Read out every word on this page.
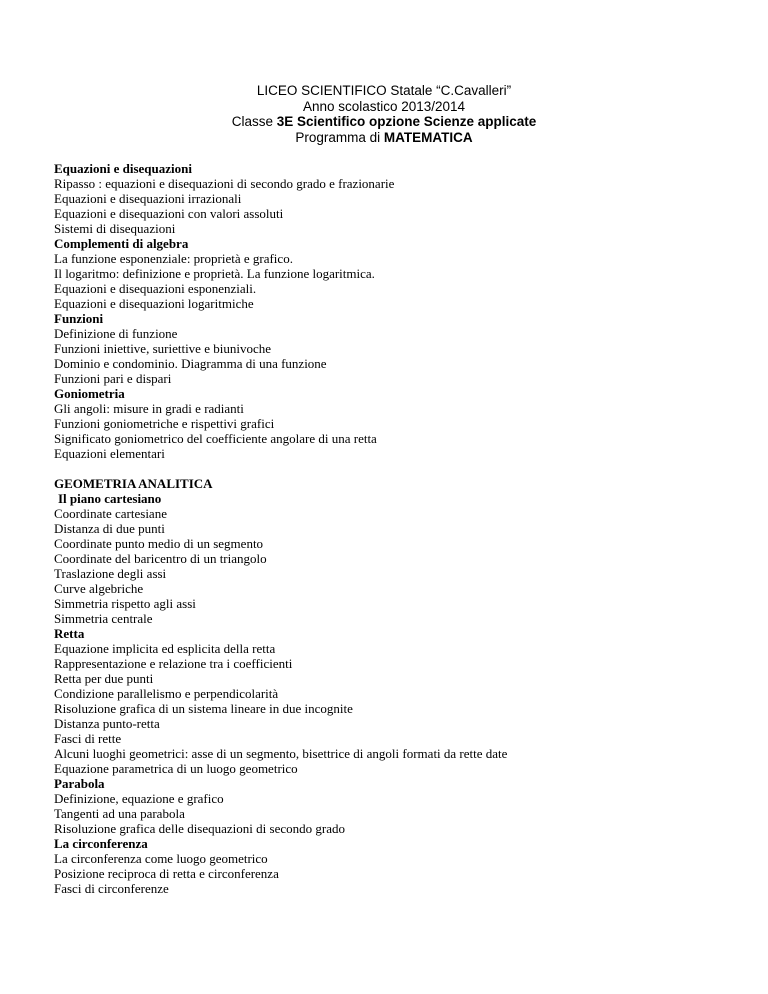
LICEO SCIENTIFICO Statale “C.Cavalleri”
Anno scolastico 2013/2014
Classe 3E Scientifico opzione Scienze applicate
Programma di MATEMATICA
Equazioni e disequazioni
Ripasso : equazioni e disequazioni di secondo grado e frazionarie
Equazioni e disequazioni irrazionali
Equazioni e disequazioni con valori assoluti
Sistemi di disequazioni
Complementi di algebra
La funzione esponenziale: proprietà e grafico.
Il logaritmo: definizione e proprietà. La funzione logaritmica.
Equazioni e disequazioni esponenziali.
Equazioni e disequazioni logaritmiche
Funzioni
Definizione di funzione
Funzioni iniettive, suriettive e biunivoche
Dominio e condominio. Diagramma di una funzione
Funzioni pari e dispari
Goniometria
Gli angoli: misure in gradi e radianti
Funzioni goniometriche e rispettivi grafici
Significato goniometrico del coefficiente angolare di una retta
Equazioni elementari
GEOMETRIA ANALITICA
Il piano cartesiano
Coordinate cartesiane
Distanza di due punti
Coordinate punto medio di un segmento
Coordinate del baricentro di un triangolo
Traslazione degli assi
Curve algebriche
Simmetria rispetto agli assi
Simmetria centrale
Retta
Equazione implicita ed esplicita della retta
Rappresentazione e relazione tra i coefficienti
Retta per due punti
Condizione parallelismo e perpendicolarità
Risoluzione grafica di un sistema lineare in due incognite
Distanza punto-retta
Fasci di rette
Alcuni luoghi geometrici: asse di un segmento, bisettrice di angoli formati da rette date
Equazione parametrica di un luogo geometrico
Parabola
Definizione, equazione e grafico
Tangenti ad una parabola
Risoluzione grafica delle disequazioni di secondo grado
La circonferenza
La circonferenza come luogo geometrico
Posizione reciproca di retta e circonferenza
Fasci di circonferenze
